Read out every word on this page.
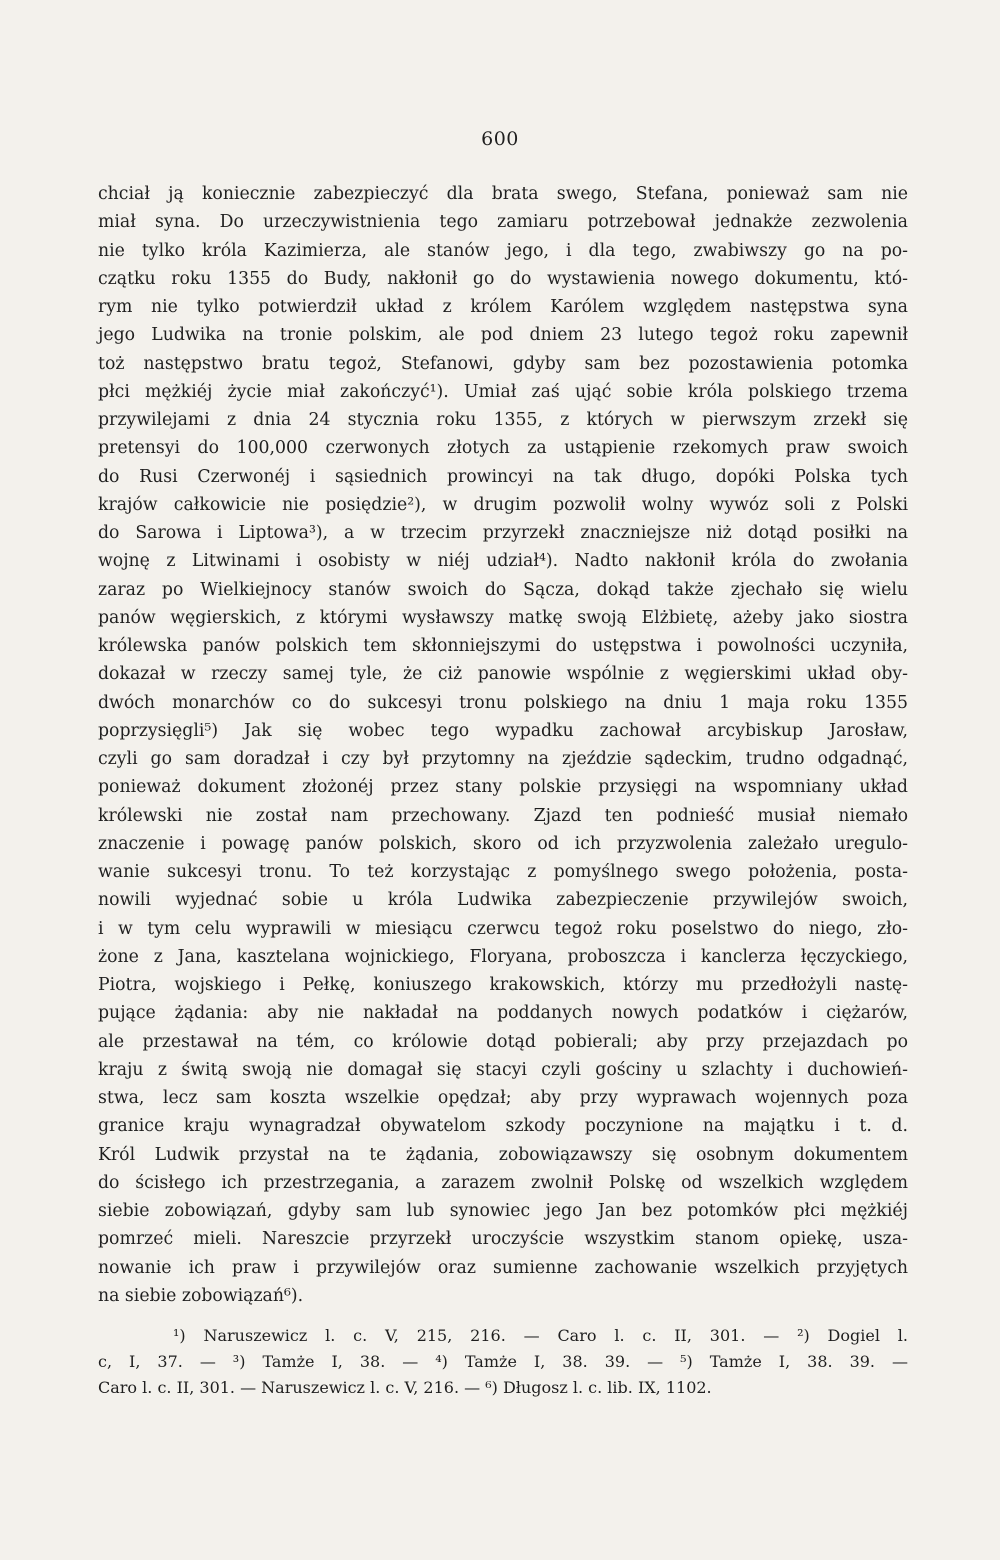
600
chciał ją koniecznie zabezpieczyć dla brata swego, Stefana, ponieważ sam nie
miał syna. Do urzeczywistnienia tego zamiaru potrzebował jednakże zezwolenia
nie tylko króla Kazimierza, ale stanów jego, i dla tego, zwabiwszy go na po-
czątku roku 1355 do Budy, nakłonił go do wystawienia nowego dokumentu, któ-
rym nie tylko potwierdził układ z królem Karólem względem następstwa syna
jego Ludwika na tronie polskim, ale pod dniem 23 lutego tegoż roku zapewnił
toż następstwo bratu tegoż, Stefanowi, gdyby sam bez pozostawienia potomka
płci mężkiéj życie miał zakończyć¹). Umiał zaś ująć sobie króla polskiego trzema
przywilejami z dnia 24 stycznia roku 1355, z których w pierwszym zrzekł się
pretensyi do 100,000 czerwonych złotych za ustąpienie rzekomych praw swoich
do Rusi Czerwonéj i sąsiednich prowincyi na tak długo, dopóki Polska tych
krajów całkowicie nie posiędzie²), w drugim pozwolił wolny wywóz soli z Polski
do Sarowa i Liptowa³), a w trzecim przyrzekł znaczniejsze niż dotąd posiłki na
wojnę z Litwinami i osobisty w niéj udział⁴). Nadto nakłonił króla do zwołania
zaraz po Wielkiejnocy stanów swoich do Sącza, dokąd także zjechało się wielu
panów węgierskich, z którymi wysławszy matkę swoją Elżbietę, ażeby jako siostra
królewska panów polskich tem skłonniejszymi do ustępstwa i powolności uczyniła,
dokazał w rzeczy samej tyle, że ciż panowie wspólnie z węgierskimi układ oby-
dwóch monarchów co do sukcesyi tronu polskiego na dniu 1 maja roku 1355
poprzysięgli⁵) Jak się wobec tego wypadku zachował arcybiskup Jarosław,
czyli go sam doradzał i czy był przytomny na zjeździe sądeckim, trudno odgadnąć,
ponieważ dokument złożonéj przez stany polskie przysięgi na wspomniany układ
królewski nie został nam przechowany. Zjazd ten podnieść musiał niemało
znaczenie i powagę panów polskich, skoro od ich przyzwolenia zależało uregulo-
wanie sukcesyi tronu. To też korzystając z pomyślnego swego położenia, posta-
nowili wyjednać sobie u króla Ludwika zabezpieczenie przywilejów swoich,
i w tym celu wyprawili w miesiącu czerwcu tegoż roku poselstwo do niego, zło-
żone z Jana, kasztelana wojnickiego, Floryana, proboszcza i kanclerza łęczyckiego,
Piotra, wojskiego i Pełkę, koniuszego krakowskich, którzy mu przedłożyli nastę-
pujące żądania: aby nie nakładał na poddanych nowych podatków i ciężarów,
ale przestawał na tém, co królowie dotąd pobierali; aby przy przejazdach po
kraju z świtą swoją nie domagał się stacyi czyli gościny u szlachty i duchowień-
stwa, lecz sam koszta wszelkie opędzał; aby przy wyprawach wojennych poza
granice kraju wynagradzał obywatelom szkody poczynione na majątku i t. d.
Król Ludwik przystał na te żądania, zobowiązawszy się osobnym dokumentem
do ścisłego ich przestrzegania, a zarazem zwolnił Polskę od wszelkich względem
siebie zobowiązań, gdyby sam lub synowiec jego Jan bez potomków płci mężkiéj
pomrzeć mieli. Nareszcie przyrzekł uroczyście wszystkim stanom opiekę, usza-
nowanie ich praw i przywilejów oraz sumienne zachowanie wszelkich przyjętych
na siebie zobowiązań⁶).
¹) Naruszewicz l. c. V, 215, 216. — Caro l. c. II, 301. — ²) Dogiel l.
c, I, 37. — ³) Tamże I, 38. — ⁴) Tamże I, 38. 39. — ⁵) Tamże I, 38. 39. —
Caro l. c. II, 301. — Naruszewicz l. c. V, 216. — ⁶) Długosz l. c. lib. IX, 1102.
